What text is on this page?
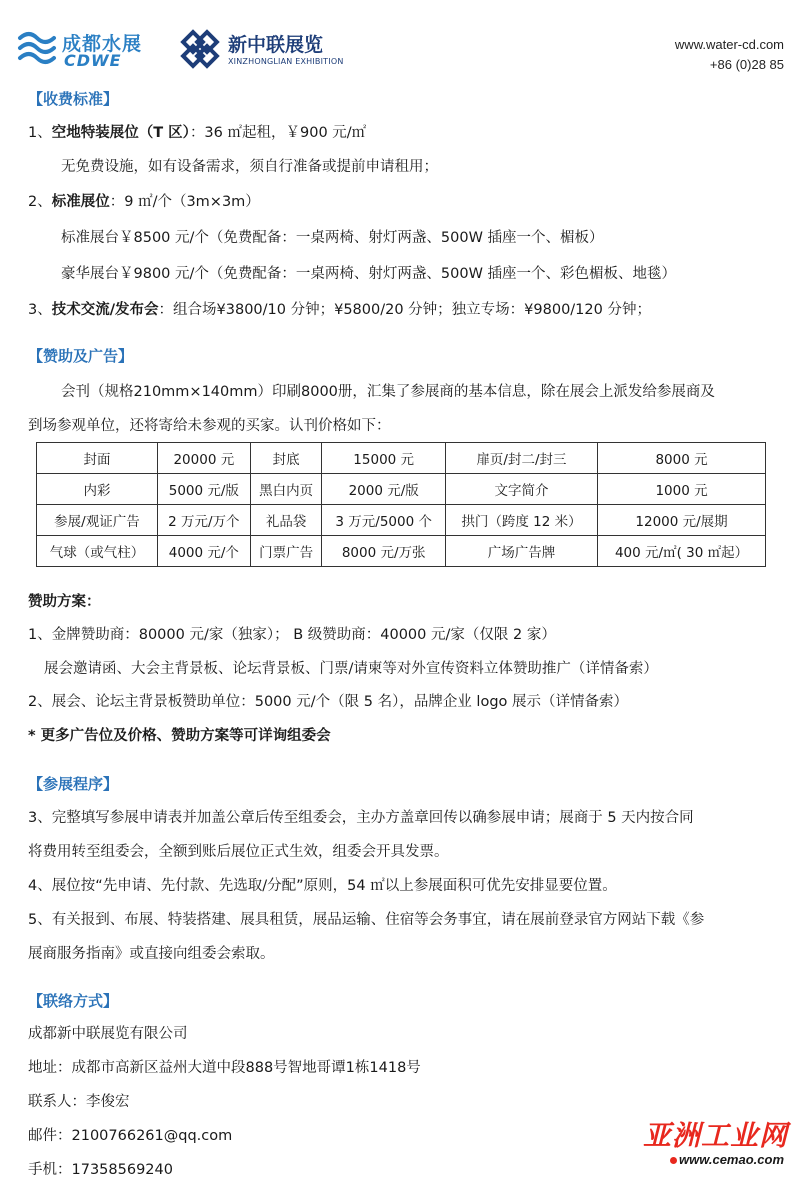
成都水展
CDWE
新中联展览
XINZHONGLIAN EXHIBITION
www.water-cd.com
+86 (0)28 85
【收费标准】
1、空地特装展位（T 区）：36 ㎡起租，￥900 元/㎡
无免费设施，如有设备需求，须自行准备或提前申请租用；
2、标准展位：9 ㎡/个（3m×3m）
标准展台￥8500 元/个（免费配备：一桌两椅、射灯两盏、500W 插座一个、楣板）
豪华展台￥9800 元/个（免费配备：一桌两椅、射灯两盏、500W 插座一个、彩色楣板、地毯）
3、技术交流/发布会：组合场¥3800/10 分钟；¥5800/20 分钟；独立专场：¥9800/120 分钟；
【赞助及广告】
会刊（规格210mm×140mm）印刷8000册，汇集了参展商的基本信息，除在展会上派发给参展商及
到场参观单位，还将寄给未参观的买家。认刊价格如下：
封面	20000 元	封底	15000 元	扉页/封二/封三	8000 元
内彩	5000 元/版	黑白内页	2000 元/版	文字简介	1000 元
参展/观证广告	2 万元/万个	礼品袋	3 万元/5000 个	拱门（跨度 12 米）	12000 元/展期
气球（或气柱）	4000 元/个	门票广告	8000 元/万张	广场广告牌	400 元/㎡( 30 ㎡起）
赞助方案：
1、金牌赞助商：80000 元/家（独家）； B 级赞助商：40000 元/家（仅限 2 家）
展会邀请函、大会主背景板、论坛背景板、门票/请柬等对外宣传资料立体赞助推广（详情备索）
2、展会、论坛主背景板赞助单位：5000 元/个（限 5 名），品牌企业 logo 展示（详情备索）
* 更多广告位及价格、赞助方案等可详询组委会
【参展程序】
3、完整填写参展申请表并加盖公章后传至组委会，主办方盖章回传以确参展申请；展商于 5 天内按合同
将费用转至组委会，全额到账后展位正式生效，组委会开具发票。
4、展位按“先申请、先付款、先选取/分配”原则，54 ㎡以上参展面积可优先安排显要位置。
5、有关报到、布展、特装搭建、展具租赁，展品运输、住宿等会务事宜，请在展前登录官方网站下载《参
展商服务指南》或直接向组委会索取。
【联络方式】
成都新中联展览有限公司
地址：成都市高新区益州大道中段888号智地哥谭1栋1418号
联系人：李俊宏
邮件：2100766261@qq.com
手机：17358569240
亚洲工业网
www.cemao.com
